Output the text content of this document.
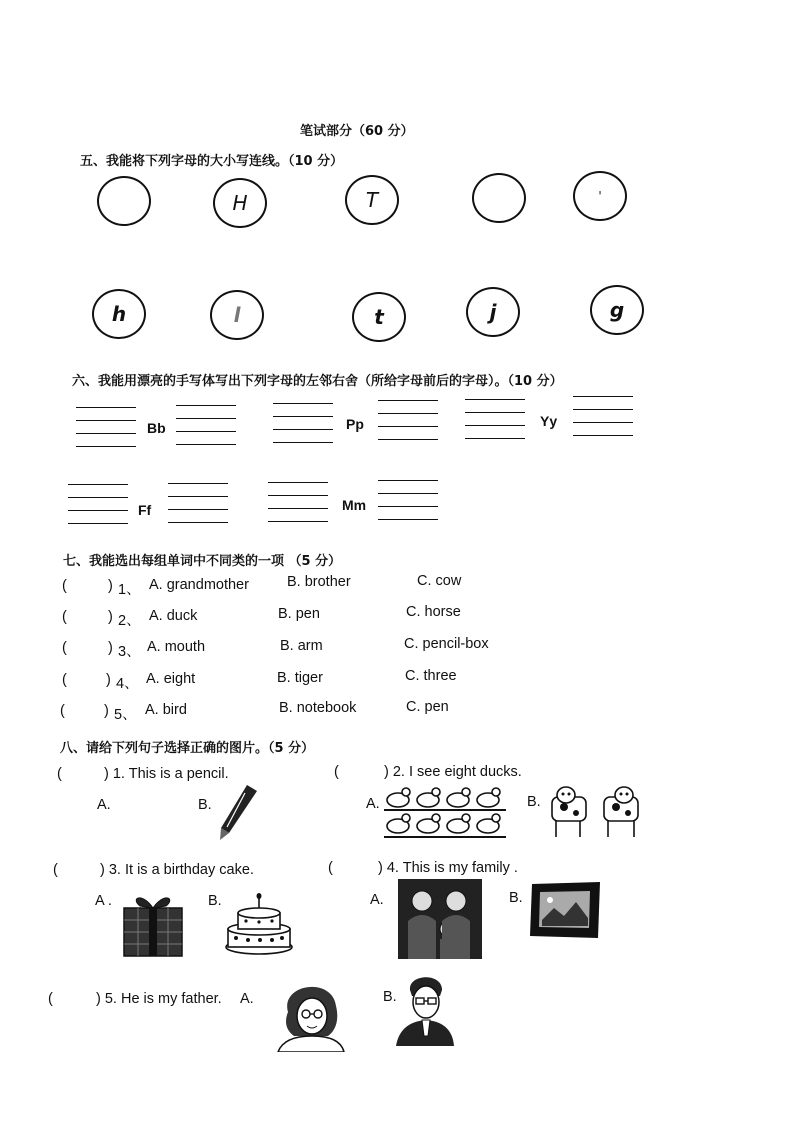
笔试部分（60 分）
五、我能将下列字母的大小写连线。（10 分）
H	T	'
h	l	t	j	g
六、我能用漂亮的手写体写出下列字母的左邻右舍（所给字母前后的字母）。（10 分）
Bb	Pp	Yy
Ff	Mm
七、我能选出每组单词中不同类的一项 （5 分）
(	) 1、 A. grandmother	B. brother	C. cow
(	) 2、 A. duck	B. pen	C. horse
(	) 3、 A. mouth	B. arm	C. pencil-box
(	) 4、 A. eight	B. tiger	C. three
(	) 5、 A. bird	B. notebook	C. pen
八、请给下列句子选择正确的图片。（5 分）
(	) 1. This is a pencil.
A.	B.
(	) 2. I see eight ducks.
A.	B.
(	) 3. It is a birthday cake.
A .	B.
(	) 4. This is my family .
A.	B.
(	) 5. He is my father. A.	B.
